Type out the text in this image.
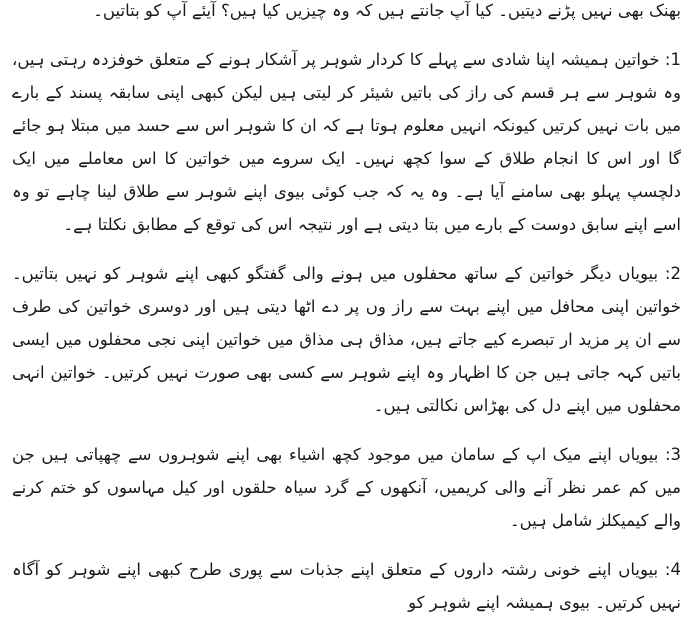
بھنک بھی نہیں پڑنے دیتیں۔ کیا آپ جانتے ہیں کہ وہ چیزیں کیا ہیں؟ آیئے آپ کو بتاتیں۔

1: خواتین ہمیشہ اپنا شادی سے پہلے کا کردار شوہر پر آشکار ہونے کے متعلق خوفزدہ رہتی ہیں، وہ شوہر سے ہر قسم کی راز کی باتیں شیئر کر لیتی ہیں لیکن کبھی اپنی سابقہ پسند کے بارے میں بات نہیں کرتیں کیونکہ انہیں معلوم ہوتا ہے کہ ان کا شوہر اس سے حسد میں مبتلا ہو جائے گا اور اس کا انجام طلاق کے سوا کچھ نہیں۔ ایک سروے میں خواتین کا اس معاملے میں ایک دلچسپ پہلو بھی سامنے آیا ہے۔ وہ یہ کہ جب کوئی بیوی اپنے شوہر سے طلاق لینا چاہے تو وہ اسے اپنے سابق دوست کے بارے میں بتا دیتی ہے اور نتیجہ اس کی توقع کے مطابق نکلتا ہے۔

2: بیویاں دیگر خواتین کے ساتھ محفلوں میں ہونے والی گفتگو کبھی اپنے شوہر کو نہیں بتاتیں۔ خواتین اپنی محافل میں اپنے بہت سے راز وں پر دے اٹھا دیتی ہیں اور دوسری خواتین کی طرف سے ان پر مزید ار تبصرے کیے جاتے ہیں، مذاق ہی مذاق میں خواتین اپنی نجی محفلوں میں ایسی باتیں کہہ جاتی ہیں جن کا اظہار وہ اپنے شوہر سے کسی بھی صورت نہیں کرتیں۔ خواتین انہی محفلوں میں اپنے دل کی بھڑاس نکالتی ہیں۔

3: بیویاں اپنے میک اپ کے سامان میں موجود کچھ اشیاء بھی اپنے شوہروں سے چھپاتی ہیں جن میں کم عمر نظر آنے والی کریمیں، آنکھوں کے گرد سیاہ حلقوں اور کیل مہاسوں کو ختم کرنے والے کیمیکلز شامل ہیں۔

4: بیویاں اپنے خونی رشتہ داروں کے متعلق اپنے جذبات سے پوری طرح کبھی اپنے شوہر کو آگاہ نہیں کرتیں۔ بیوی ہمیشہ اپنے شوہر کو
